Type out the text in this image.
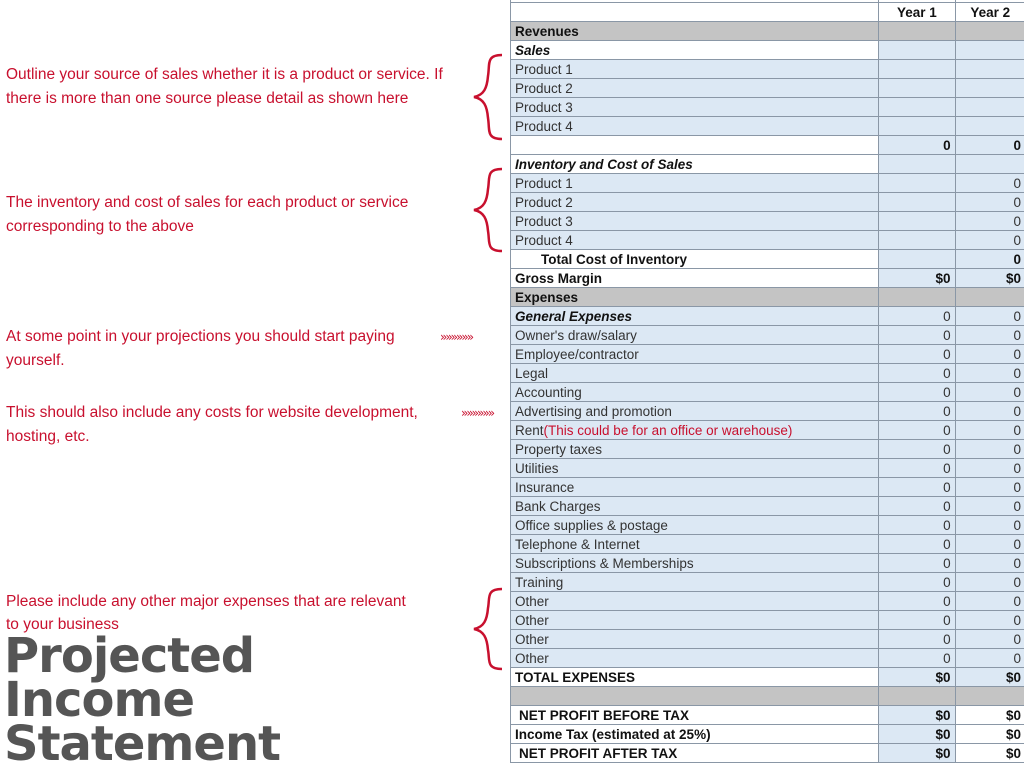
Outline your source of sales whether it is a product or service. If there is more than one source please detail as shown here
The inventory and cost of sales for each product or service corresponding to the above
At some point in your projections you should start paying
yourself.
This should also include any costs for website development,
hosting, etc.
Please include any other major expenses that are relevant
to your business
»»»»»»
»»»»»»
Projected
Income
Statement

	Year 1	Year 2
Revenues		
Sales		
Product 1		
Product 2		
Product 3		
Product 4		
	0	0
Inventory and Cost of Sales		
Product 1		0
Product 2		0
Product 3		0
Product 4		0
Total Cost of Inventory		0
Gross Margin	$0	$0
Expenses		
General Expenses	0	0
Owner's draw/salary	0	0
Employee/contractor	0	0
Legal	0	0
Accounting	0	0
Advertising and promotion	0	0
Rent(This could be for an office or warehouse)	0	0
Property taxes	0	0
Utilities	0	0
Insurance	0	0
Bank Charges	0	0
Office supplies & postage	0	0
Telephone & Internet	0	0
Subscriptions & Memberships	0	0
Training	0	0
Other	0	0
Other	0	0
Other	0	0
Other	0	0
TOTAL EXPENSES	$0	$0

NET PROFIT BEFORE TAX	$0	$0
Income Tax (estimated at 25%)	$0	$0
NET PROFIT AFTER TAX	$0	$0
